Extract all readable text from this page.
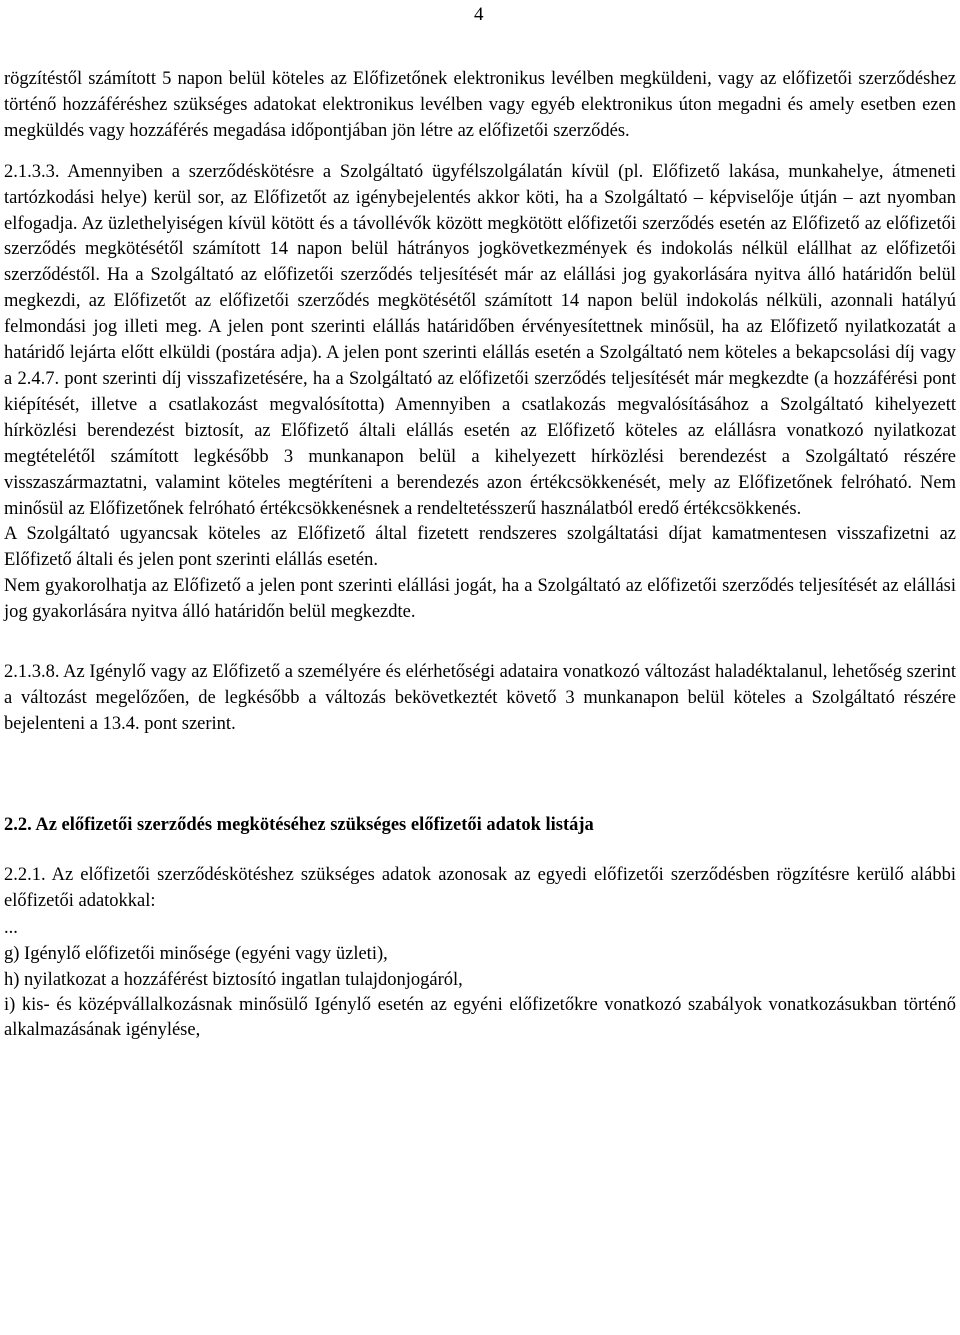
4

rögzítéstől számított 5 napon belül köteles az Előfizetőnek elektronikus levélben megküldeni, vagy az előfizetői szerződéshez történő hozzáféréshez szükséges adatokat elektronikus levélben vagy egyéb elektronikus úton megadni és amely esetben ezen megküldés vagy hozzáférés megadása időpontjában jön létre az előfizetői szerződés.

2.1.3.3. Amennyiben a szerződéskötésre a Szolgáltató ügyfélszolgálatán kívül (pl. Előfizető lakása, munkahelye, átmeneti tartózkodási helye) kerül sor, az Előfizetőt az igénybejelentés akkor köti, ha a Szolgáltató – képviselője útján – azt nyomban elfogadja. Az üzlethelyiségen kívül kötött és a távollévők között megkötött előfizetői szerződés esetén az Előfizető az előfizetői szerződés megkötésétől számított 14 napon belül hátrányos jogkövetkezmények és indokolás nélkül elállhat az előfizetői szerződéstől. Ha a Szolgáltató az előfizetői szerződés teljesítését már az elállási jog gyakorlására nyitva álló határidőn belül megkezdi, az Előfizetőt az előfizetői szerződés megkötésétől számított 14 napon belül indokolás nélküli, azonnali hatályú felmondási jog illeti meg. A jelen pont szerinti elállás határidőben érvényesítettnek minősül, ha az Előfizető nyilatkozatát a határidő lejárta előtt elküldi (postára adja). A jelen pont szerinti elállás esetén a Szolgáltató nem köteles a bekapcsolási díj vagy a 2.4.7. pont szerinti díj visszafizetésére, ha a Szolgáltató az előfizetői szerződés teljesítését már megkezdte (a hozzáférési pont kiépítését, illetve a csatlakozást megvalósította) Amennyiben a csatlakozás megvalósításához a Szolgáltató kihelyezett hírközlési berendezést biztosít, az Előfizető általi elállás esetén az Előfizető köteles az elállásra vonatkozó nyilatkozat megtételétől számított legkésőbb 3 munkanapon belül a kihelyezett hírközlési berendezést a Szolgáltató részére visszaszármaztatni, valamint köteles megtéríteni a berendezés azon értékcsökkenését, mely az Előfizetőnek felróható. Nem minősül az Előfizetőnek felróható értékcsökkenésnek a rendeltetésszerű használatból eredő értékcsökkenés.

A Szolgáltató ugyancsak köteles az Előfizető által fizetett rendszeres szolgáltatási díjat kamatmentesen visszafizetni az Előfizető általi és jelen pont szerinti elállás esetén.

Nem gyakorolhatja az Előfizető a jelen pont szerinti elállási jogát, ha a Szolgáltató az előfizetői szerződés teljesítését az elállási jog gyakorlására nyitva álló határidőn belül megkezdte.

2.1.3.8. Az Igénylő vagy az Előfizető a személyére és elérhetőségi adataira vonatkozó változást haladéktalanul, lehetőség szerint a változást megelőzően, de legkésőbb a változás bekövetkeztét követő 3 munkanapon belül köteles a Szolgáltató részére bejelenteni a 13.4. pont szerint.

2.2. Az előfizetői szerződés megkötéséhez szükséges előfizetői adatok listája

2.2.1. Az előfizetői szerződéskötéshez szükséges adatok azonosak az egyedi előfizetői szerződésben rögzítésre kerülő alábbi előfizetői adatokkal:

...

g) Igénylő előfizetői minősége (egyéni vagy üzleti),

h) nyilatkozat a hozzáférést biztosító ingatlan tulajdonjogáról,

i) kis- és középvállalkozásnak minősülő Igénylő esetén az egyéni előfizetőkre vonatkozó szabályok vonatkozásukban történő alkalmazásának igénylése,
